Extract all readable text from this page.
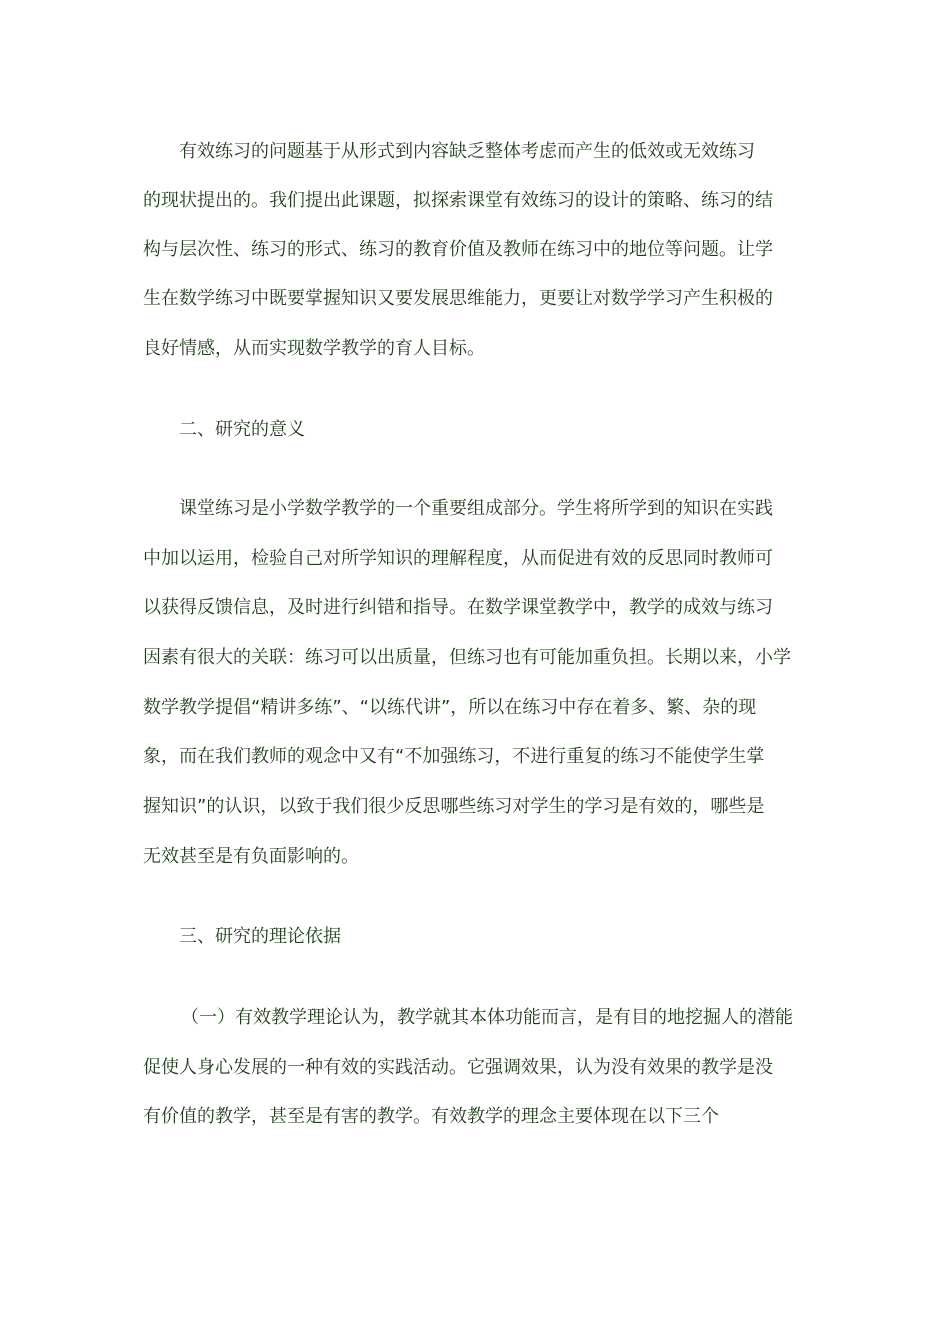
有效练习的问题基于从形式到内容缺乏整体考虑而产生的低效或无效练习
的现状提出的。我们提出此课题，拟探索课堂有效练习的设计的策略、练习的结
构与层次性、练习的形式、练习的教育价值及教师在练习中的地位等问题。让学
生在数学练习中既要掌握知识又要发展思维能力，更要让对数学学习产生积极的
良好情感，从而实现数学教学的育人目标。
二、研究的意义
课堂练习是小学数学教学的一个重要组成部分。学生将所学到的知识在实践
中加以运用，检验自己对所学知识的理解程度，从而促进有效的反思同时教师可
以获得反馈信息，及时进行纠错和指导。在数学课堂教学中，教学的成效与练习
因素有很大的关联：练习可以出质量，但练习也有可能加重负担。长期以来，小学
数学教学提倡“精讲多练”、“以练代讲”，所以在练习中存在着多、繁、杂的现
象，而在我们教师的观念中又有“不加强练习，不进行重复的练习不能使学生掌
握知识”的认识，以致于我们很少反思哪些练习对学生的学习是有效的，哪些是
无效甚至是有负面影响的。
三、研究的理论依据
（一）有效教学理论认为，教学就其本体功能而言，是有目的地挖掘人的潜能
促使人身心发展的一种有效的实践活动。它强调效果，认为没有效果的教学是没
有价值的教学，甚至是有害的教学。有效教学的理念主要体现在以下三个
